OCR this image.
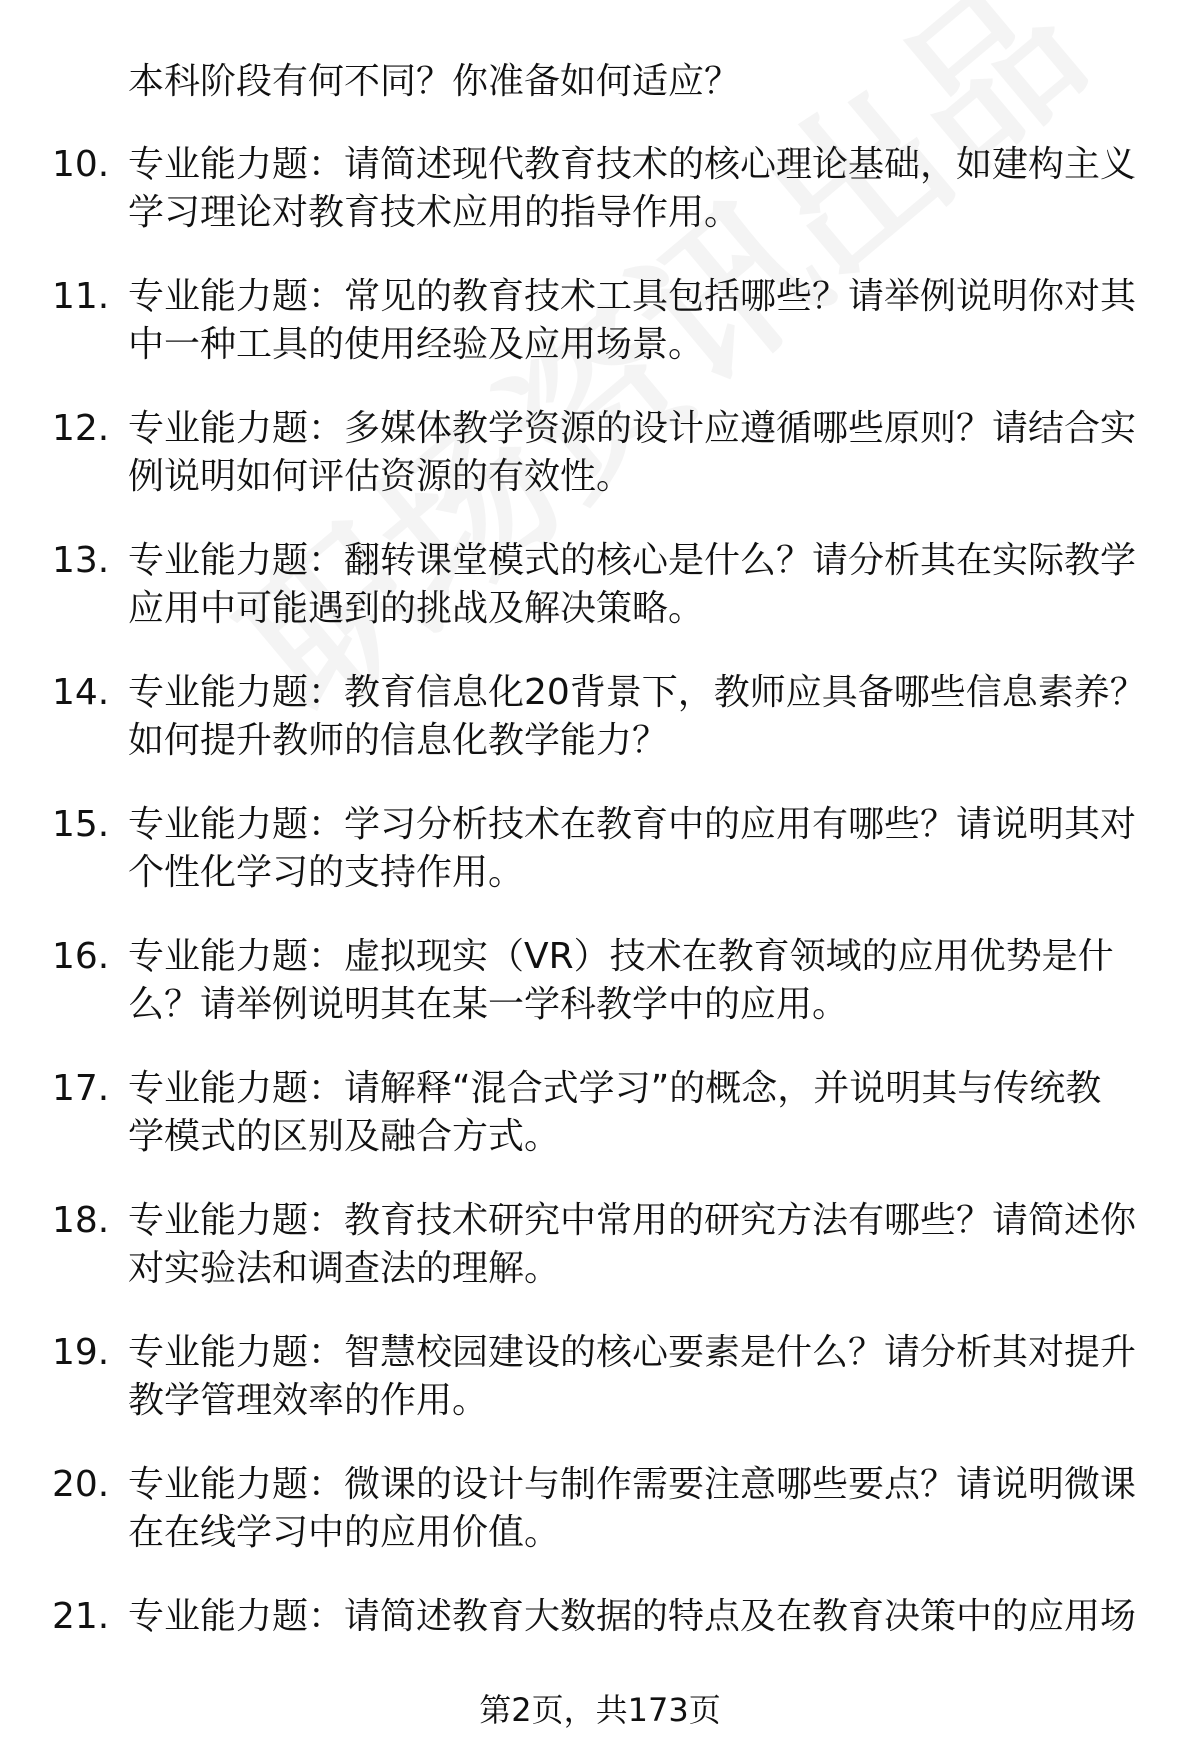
本科阶段有何不同？你准备如何适应？
10. 专业能力题：请简述现代教育技术的核心理论基础，如建构主义
学习理论对教育技术应用的指导作用。
11. 专业能力题：常见的教育技术工具包括哪些？请举例说明你对其
中一种工具的使用经验及应用场景。
12. 专业能力题：多媒体教学资源的设计应遵循哪些原则？请结合实
例说明如何评估资源的有效性。
13. 专业能力题：翻转课堂模式的核心是什么？请分析其在实际教学
应用中可能遇到的挑战及解决策略。
14. 专业能力题：教育信息化20背景下，教师应具备哪些信息素养？
如何提升教师的信息化教学能力？
15. 专业能力题：学习分析技术在教育中的应用有哪些？请说明其对
个性化学习的支持作用。
16. 专业能力题：虚拟现实（VR）技术在教育领域的应用优势是什
么？请举例说明其在某一学科教学中的应用。
17. 专业能力题：请解释“混合式学习”的概念，并说明其与传统教
学模式的区别及融合方式。
18. 专业能力题：教育技术研究中常用的研究方法有哪些？请简述你
对实验法和调查法的理解。
19. 专业能力题：智慧校园建设的核心要素是什么？请分析其对提升
教学管理效率的作用。
20. 专业能力题：微课的设计与制作需要注意哪些要点？请说明微课
在在线学习中的应用价值。
21. 专业能力题：请简述教育大数据的特点及在教育决策中的应用场
第2页，共173页
